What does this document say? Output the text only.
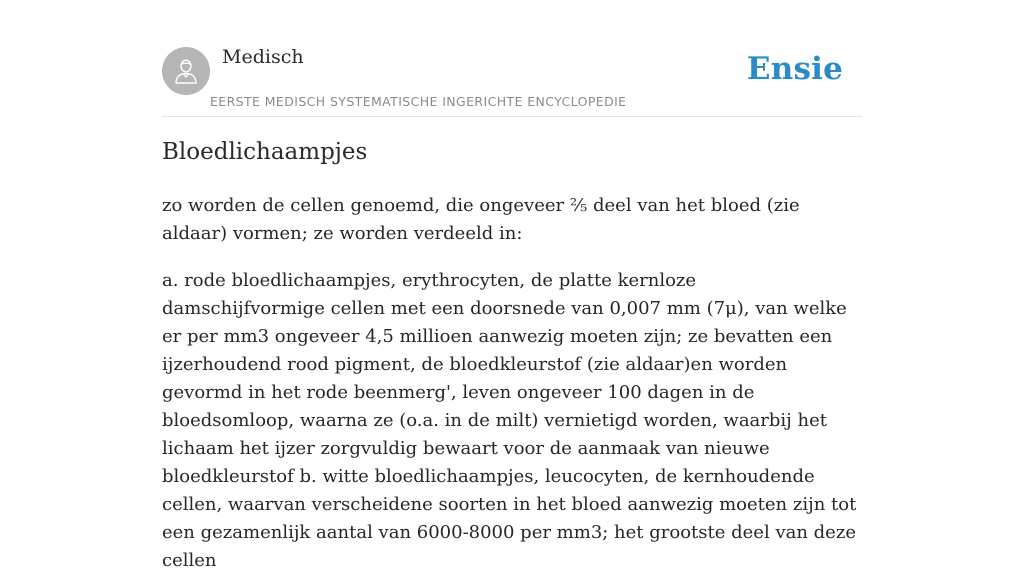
Medisch
EERSTE MEDISCH SYSTEMATISCHE INGERICHTE ENCYCLOPEDIE
Ensie
Bloedlichaampjes

zo worden de cellen genoemd, die ongeveer ⅖ deel van het bloed (zie aldaar) vormen; ze worden verdeeld in:

a. rode bloedlichaampjes, erythrocyten, de platte kernloze damschijfvormige cellen met een doorsnede van 0,007 mm (7μ), van welke er per mm3 ongeveer 4,5 millioen aanwezig moeten zijn; ze bevatten een ijzerhoudend rood pigment, de bloedkleurstof (zie aldaar)en worden gevormd in het rode beenmerg', leven ongeveer 100 dagen in de bloedsomloop, waarna ze (o.a. in de milt) vernietigd worden, waarbij het lichaam het ijzer zorgvuldig bewaart voor de aanmaak van nieuwe bloedkleurstof b. witte bloedlichaampjes, leucocyten, de kernhoudende cellen, waarvan verscheidene soorten in het bloed aanwezig moeten zijn tot een gezamenlijk aantal van 6000-8000 per mm3; het grootste deel van deze cellen
